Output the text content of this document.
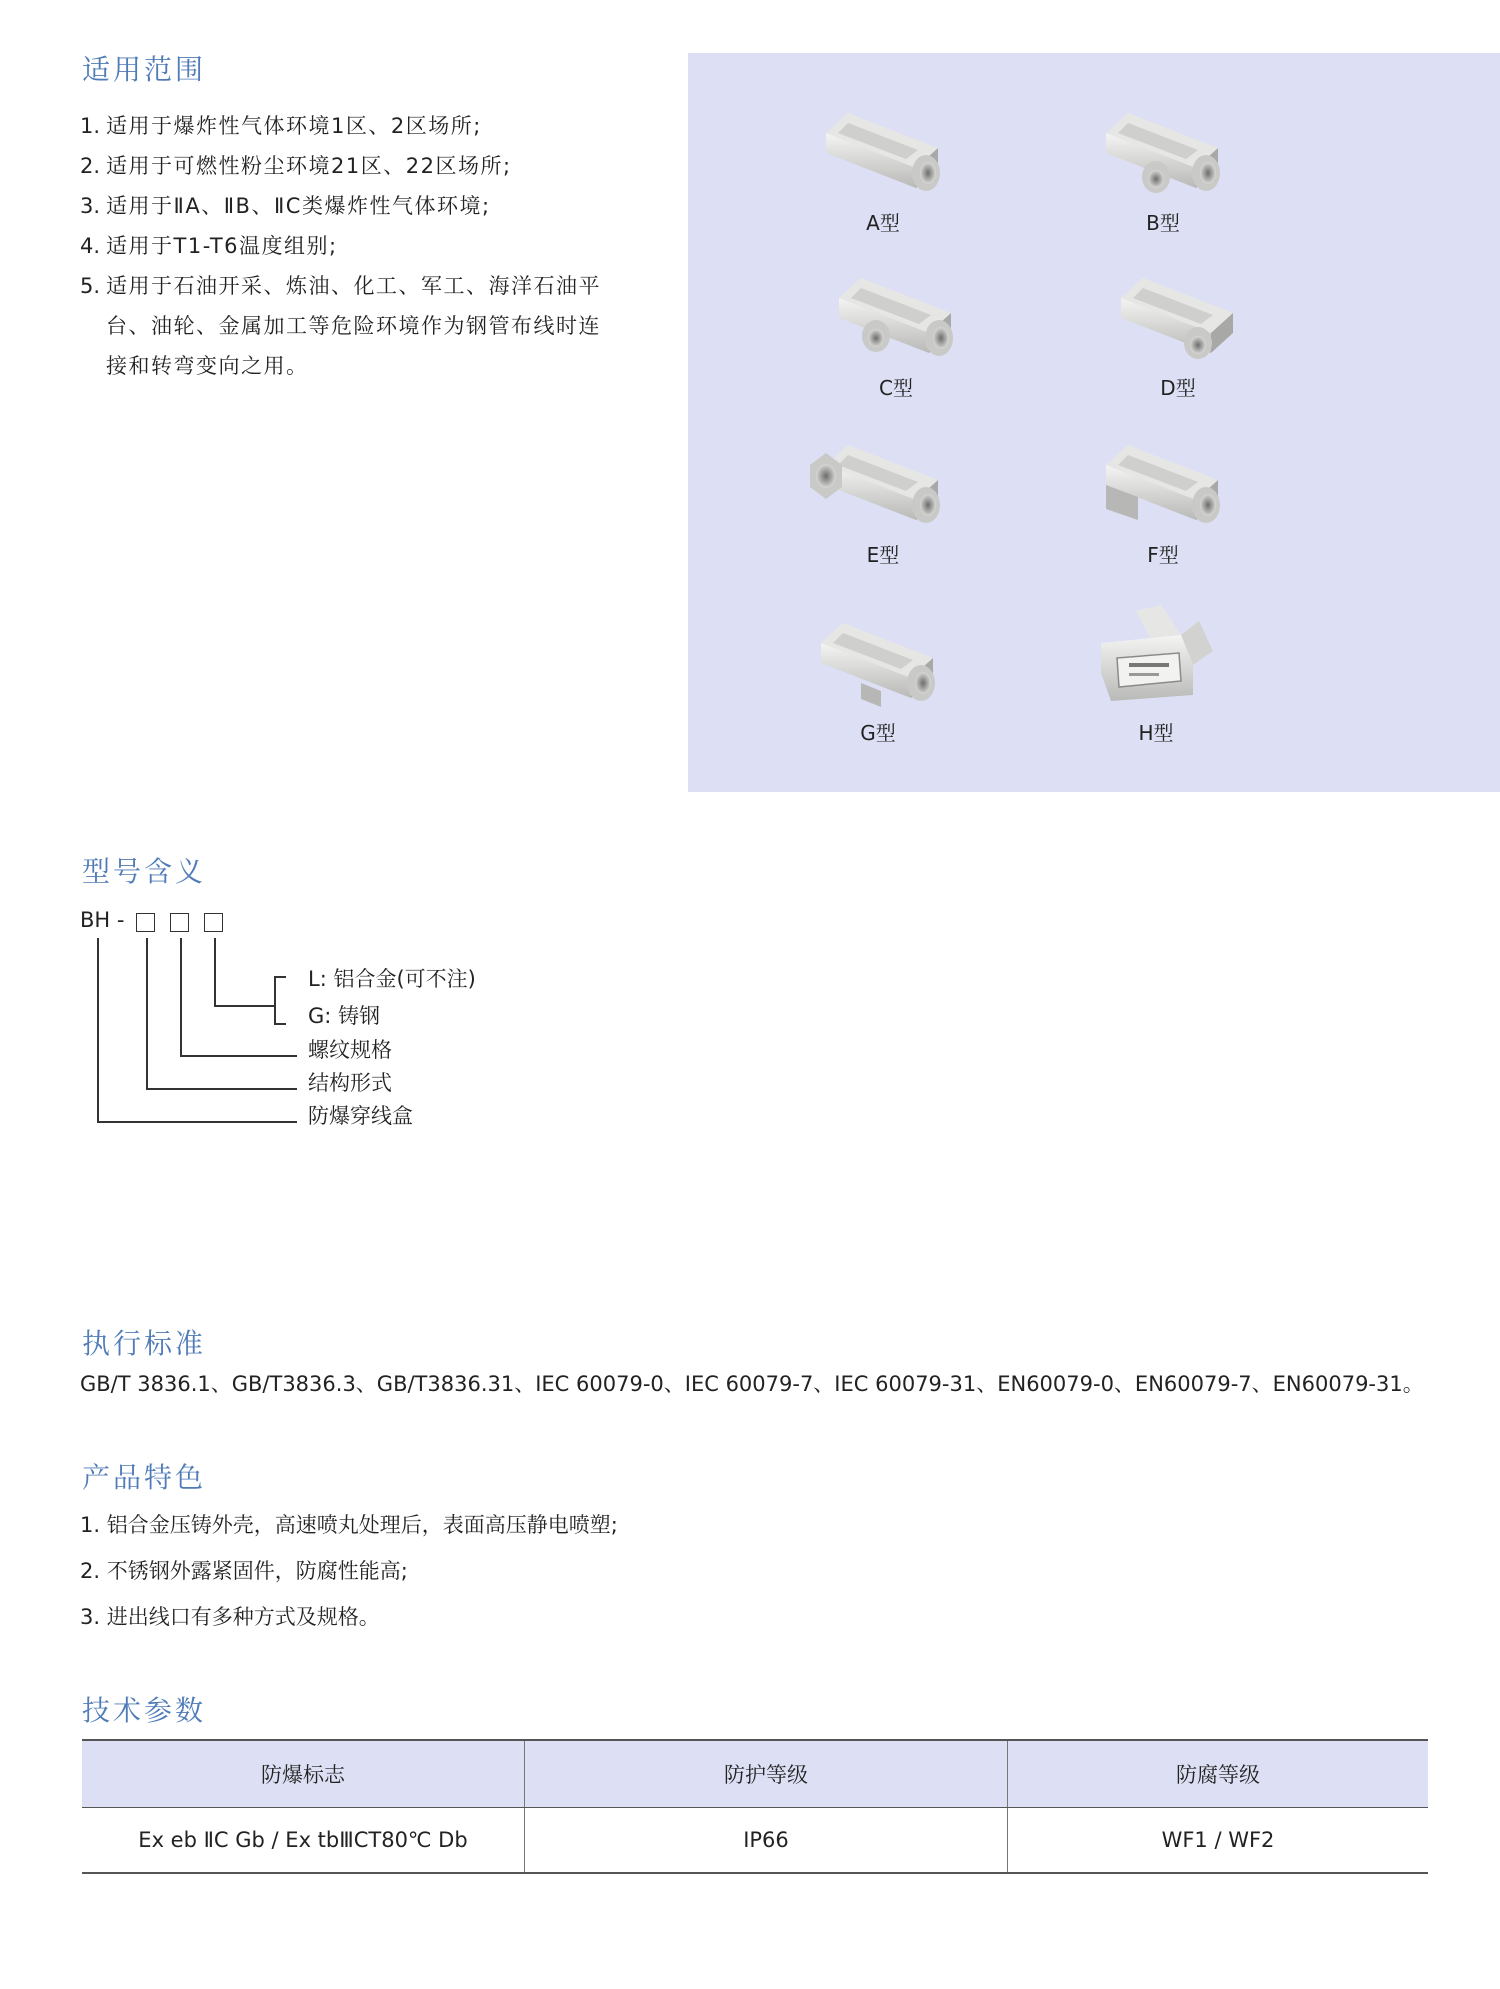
适用范围
1. 适用于爆炸性气体环境1区、2区场所;
2. 适用于可燃性粉尘环境21区、22区场所;
3. 适用于ⅡA、ⅡB、ⅡC类爆炸性气体环境;
4. 适用于T1-T6温度组别;
5. 适用于石油开采、炼油、化工、军工、海洋石油平台、油轮、金属加工等危险环境作为钢管布线时连接和转弯变向之用。
A型	B型
C型	D型
E型	F型
G型	H型
型号含义
BH -
L: 铝合金(可不注)
G: 铸钢
螺纹规格
结构形式
防爆穿线盒
执行标准
GB/T 3836.1、GB/T3836.3、GB/T3836.31、IEC 60079-0、IEC 60079-7、IEC 60079-31、EN60079-0、EN60079-7、EN60079-31。
产品特色
1. 铝合金压铸外壳，高速喷丸处理后，表面高压静电喷塑;
2. 不锈钢外露紧固件，防腐性能高;
3. 进出线口有多种方式及规格。
技术参数
防爆标志	防护等级	防腐等级
Ex eb ⅡC Gb / Ex tbⅢCT80℃ Db	IP66	WF1 / WF2
